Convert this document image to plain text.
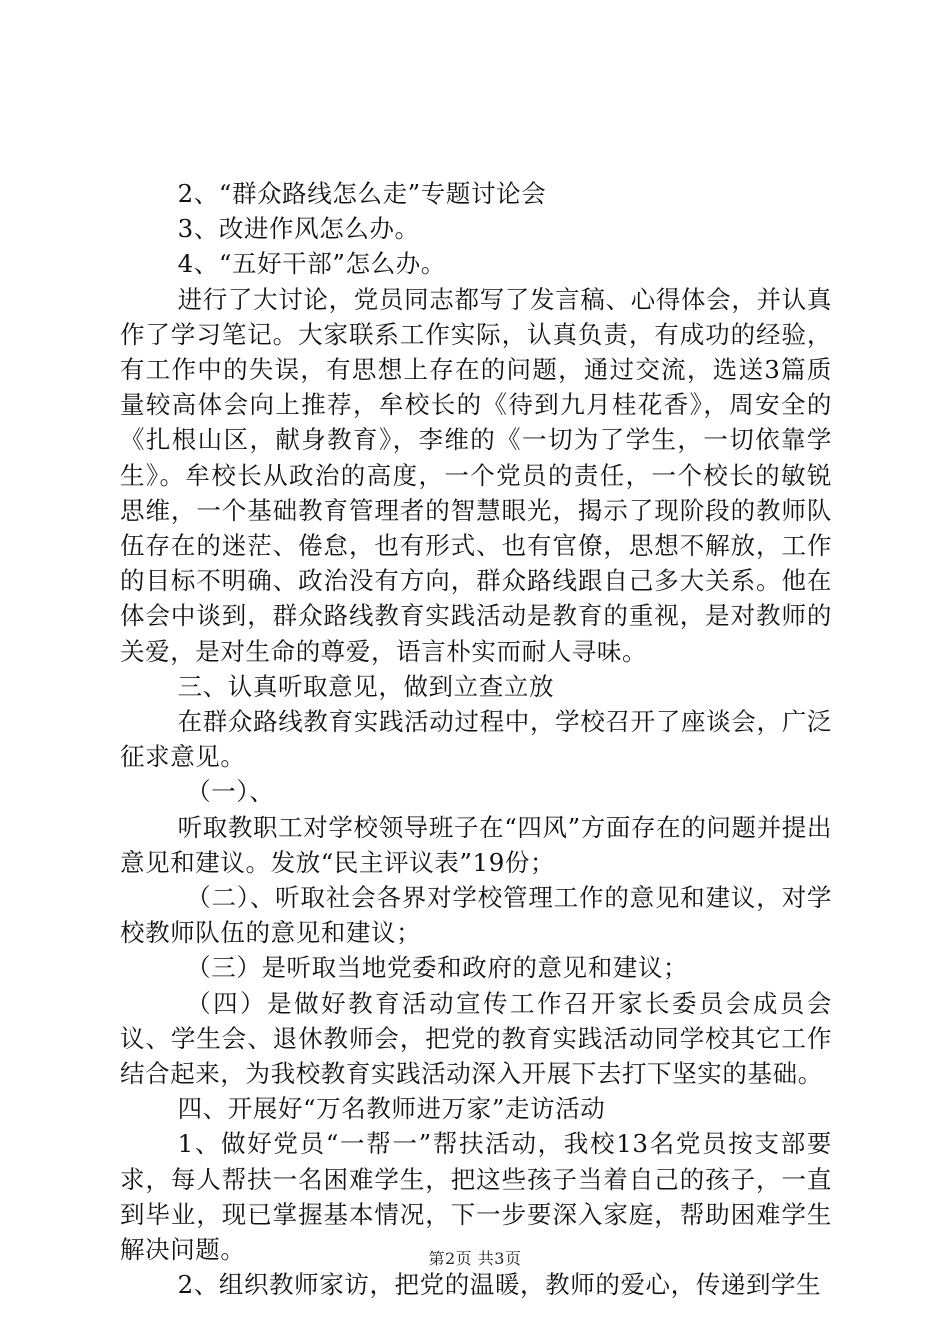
2、“群众路线怎么走”专题讨论会

3、改进作风怎么办。

4、“五好干部”怎么办。

进行了大讨论，党员同志都写了发言稿、心得体会，并认真作了学习笔记。大家联系工作实际，认真负责，有成功的经验，有工作中的失误，有思想上存在的问题，通过交流，选送3篇质量较高体会向上推荐，牟校长的《待到九月桂花香》，周安全的《扎根山区，献身教育》，李维的《一切为了学生，一切依靠学生》。牟校长从政治的高度，一个党员的责任，一个校长的敏锐思维，一个基础教育管理者的智慧眼光，揭示了现阶段的教师队伍存在的迷茫、倦怠，也有形式、也有官僚，思想不解放，工作的目标不明确、政治没有方向，群众路线跟自己多大关系。他在体会中谈到，群众路线教育实践活动是教育的重视，是对教师的关爱，是对生命的尊爱，语言朴实而耐人寻味。

三、认真听取意见，做到立查立放

在群众路线教育实践活动过程中，学校召开了座谈会，广泛征求意见。

（一）、

听取教职工对学校领导班子在“四风”方面存在的问题并提出意见和建议。发放“民主评议表”19份；

（二）、听取社会各界对学校管理工作的意见和建议，对学校教师队伍的意见和建议；

（三）是听取当地党委和政府的意见和建议；

（四）是做好教育活动宣传工作召开家长委员会成员会议、学生会、退休教师会，把党的教育实践活动同学校其它工作结合起来，为我校教育实践活动深入开展下去打下坚实的基础。

四、开展好“万名教师进万家”走访活动

1、做好党员“一帮一”帮扶活动，我校13名党员按支部要求，每人帮扶一名困难学生，把这些孩子当着自己的孩子，一直到毕业，现已掌握基本情况，下一步要深入家庭，帮助困难学生解决问题。

2、组织教师家访，把党的温暖，教师的爱心，传递到学生

第2页 共3页
